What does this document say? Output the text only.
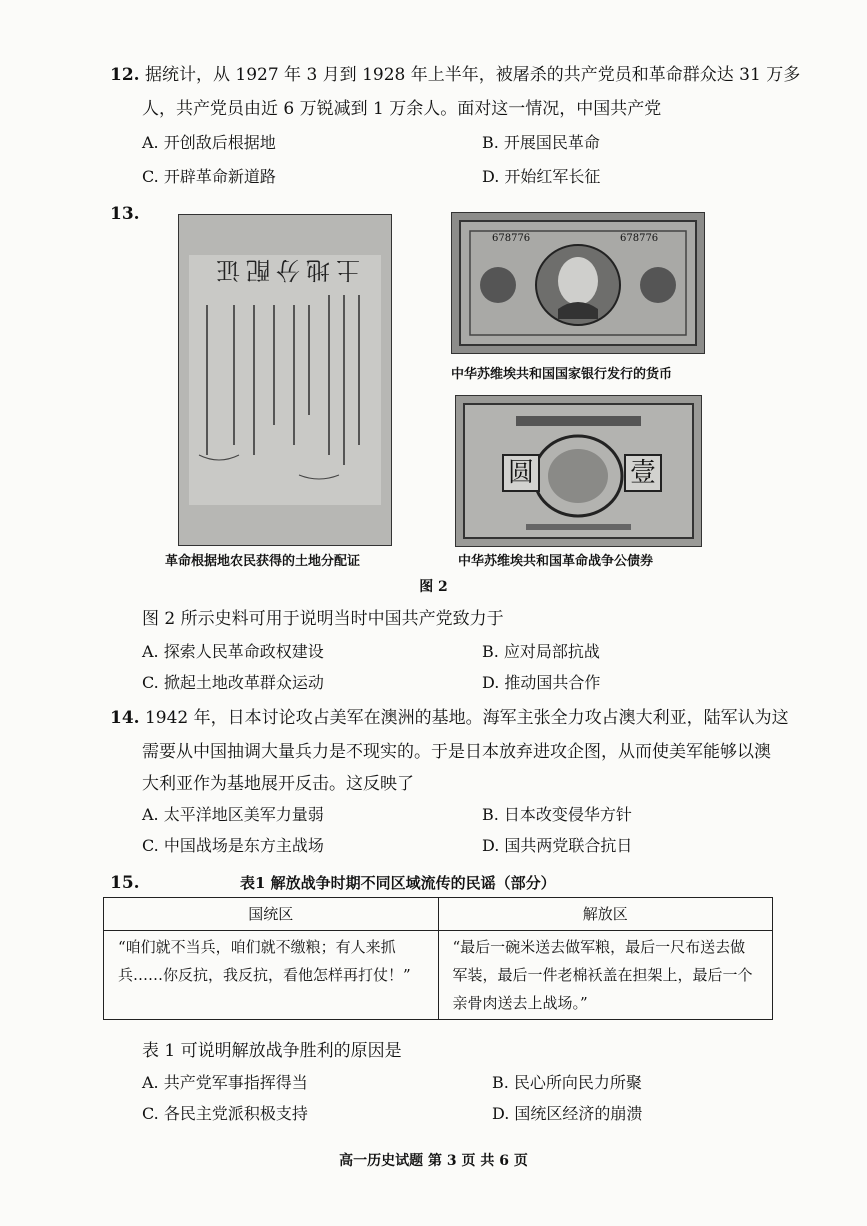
12. 据统计，从 1927 年 3 月到 1928 年上半年，被屠杀的共产党员和革命群众达 31 万多
人，共产党员由近 6 万锐减到 1 万余人。面对这一情况，中国共产党
A. 开创敌后根据地	B. 开展国民革命
C. 开辟革命新道路	D. 开始红军长征
13.
土地分配证
革命根据地农民获得的土地分配证
678776	678776
中华苏维埃共和国国家银行发行的货币
圆	壹
中华苏维埃共和国革命战争公债券
图 2
图 2 所示史料可用于说明当时中国共产党致力于
A. 探索人民革命政权建设	B. 应对局部抗战
C. 掀起土地改革群众运动	D. 推动国共合作
14. 1942 年，日本讨论攻占美军在澳洲的基地。海军主张全力攻占澳大利亚，陆军认为这
需要从中国抽调大量兵力是不现实的。于是日本放弃进攻企图，从而使美军能够以澳
大利亚作为基地展开反击。这反映了
A. 太平洋地区美军力量弱	B. 日本改变侵华方针
C. 中国战场是东方主战场	D. 国共两党联合抗日
15.	表1 解放战争时期不同区域流传的民谣（部分）
国统区	解放区
“咱们就不当兵，咱们就不缴粮；有人来抓兵……你反抗，我反抗，看他怎样再打仗！”	“最后一碗米送去做军粮，最后一尺布送去做军装，最后一件老棉袄盖在担架上，最后一个亲骨肉送去上战场。”
表 1 可说明解放战争胜利的原因是
A. 共产党军事指挥得当	B. 民心所向民力所聚
C. 各民主党派积极支持	D. 国统区经济的崩溃
高一历史试题 第 3 页 共 6 页
